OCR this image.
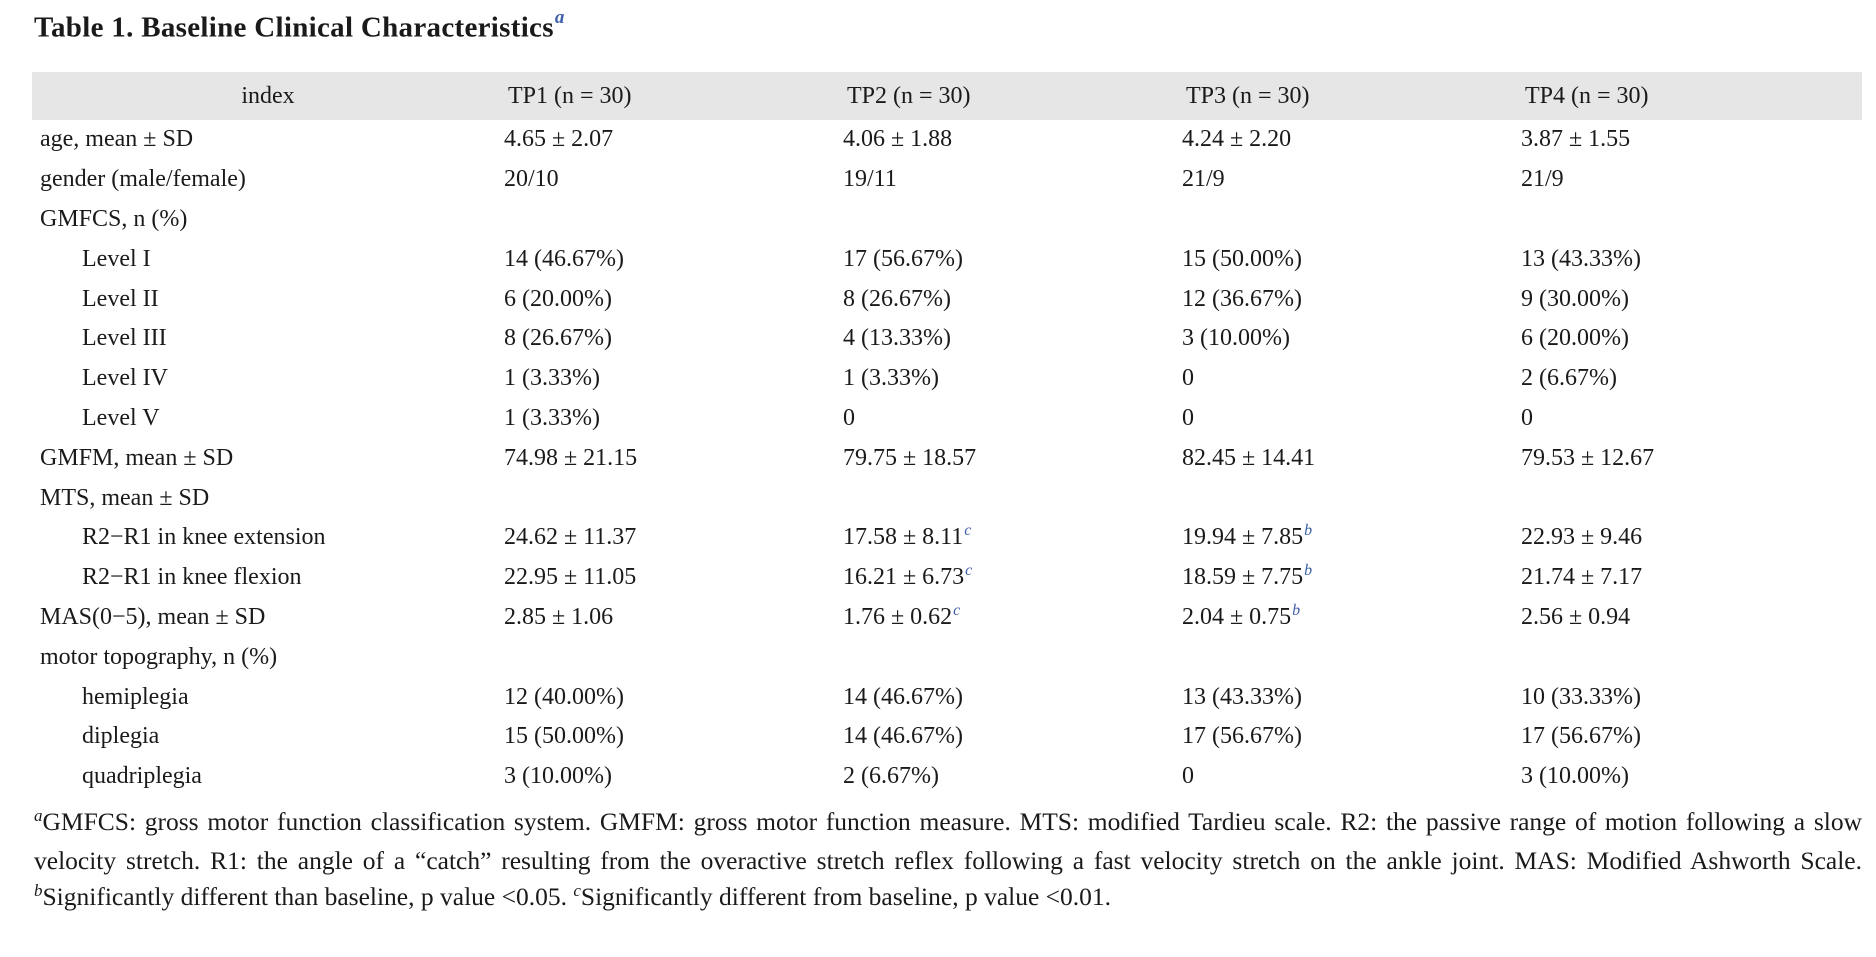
Table 1. Baseline Clinical Characteristics$^a$
index	TP1 (n = 30)	TP2 (n = 30)	TP3 (n = 30)	TP4 (n = 30)
age, mean ± SD	4.65 ± 2.07	4.06 ± 1.88	4.24 ± 2.20	3.87 ± 1.55
gender (male/female)	20/10	19/11	21/9	21/9
GMFCS, n (%)				
Level I	14 (46.67%)	17 (56.67%)	15 (50.00%)	13 (43.33%)
Level II	6 (20.00%)	8 (26.67%)	12 (36.67%)	9 (30.00%)
Level III	8 (26.67%)	4 (13.33%)	3 (10.00%)	6 (20.00%)
Level IV	1 (3.33%)	1 (3.33%)	0	2 (6.67%)
Level V	1 (3.33%)	0	0	0
GMFM, mean ± SD	74.98 ± 21.15	79.75 ± 18.57	82.45 ± 14.41	79.53 ± 12.67
MTS, mean ± SD				
R2−R1 in knee extension	24.62 ± 11.37	17.58 ± 8.11$^c$	19.94 ± 7.85$^b$	22.93 ± 9.46
R2−R1 in knee flexion	22.95 ± 11.05	16.21 ± 6.73$^c$	18.59 ± 7.75$^b$	21.74 ± 7.17
MAS(0−5), mean ± SD	2.85 ± 1.06	1.76 ± 0.62$^c$	2.04 ± 0.75$^b$	2.56 ± 0.94
motor topography, n (%)				
hemiplegia	12 (40.00%)	14 (46.67%)	13 (43.33%)	10 (33.33%)
diplegia	15 (50.00%)	14 (46.67%)	17 (56.67%)	17 (56.67%)
quadriplegia	3 (10.00%)	2 (6.67%)	0	3 (10.00%)
$^a$GMFCS: gross motor function classification system. GMFM: gross motor function measure. MTS: modified Tardieu scale. R2: the passive range of motion following a slow velocity stretch. R1: the angle of a “catch” resulting from the overactive stretch reflex following a fast velocity stretch on the ankle joint. MAS: Modified Ashworth Scale. $^b$Significantly different than baseline, p value <0.05. $^c$Significantly different from baseline, p value <0.01.
